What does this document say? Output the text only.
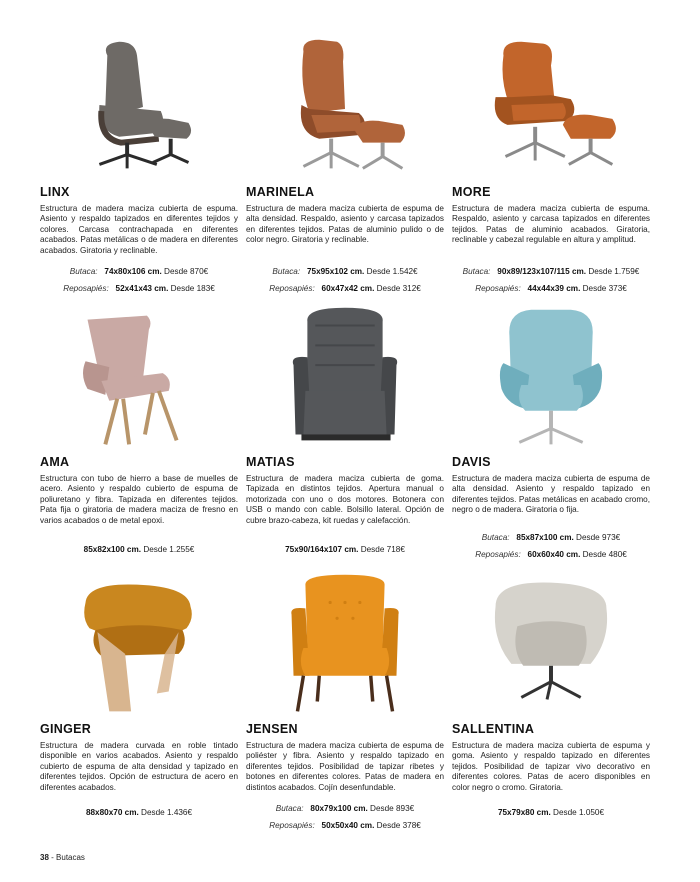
LINX
Estructura de madera maciza cubierta de espuma. Asiento y respaldo tapizados en diferentes tejidos y colores. Carcasa contrachapada en diferentes acabados. Patas metálicas o de madera en diferentes acabados. Giratoria y reclinable.
Butaca: 74x80x106 cm. Desde 870€
Reposapiés: 52x41x43 cm. Desde 183€
MARINELA
Estructura de madera maciza cubierta de espuma de alta densidad. Respaldo, asiento y carcasa tapizados en diferentes tejidos. Patas de aluminio pulido o de color negro. Giratoria y reclinable.
Butaca: 75x95x102 cm. Desde 1.542€
Reposapiés: 60x47x42 cm. Desde 312€
MORE
Estructura de madera maciza cubierta de espuma. Respaldo, asiento y carcasa tapizados en diferentes tejidos. Patas de aluminio acabados. Giratoria, reclinable y cabezal regulable en altura y amplitud.
Butaca: 90x89/123x107/115 cm. Desde 1.759€
Reposapiés: 44x44x39 cm. Desde 373€
AMA
Estructura con tubo de hierro a base de muelles de acero. Asiento y respaldo cubierto de espuma de poliuretano y fibra. Tapizada en diferentes tejidos. Pata fija o giratoria de madera maciza de fresno en varios acabados o de metal epoxi.
85x82x100 cm. Desde 1.255€
MATIAS
Estructura de madera maciza cubierta de goma. Tapizada en distintos tejidos. Apertura manual o motorizada con uno o dos motores. Botonera con USB o mando con cable. Bolsillo lateral. Opción de cubre brazo-cabeza, kit ruedas y calefacción.
75x90/164x107 cm. Desde 718€
DAVIS
Estructura de madera maciza cubierta de espuma de alta densidad. Asiento y respaldo tapizado en diferentes tejidos. Patas metálicas en acabado cromo, negro o de madera. Giratoria o fija.
Butaca: 85x87x100 cm. Desde 973€
Reposapiés: 60x60x40 cm. Desde 480€
GINGER
Estructura de madera curvada en roble tintado disponible en varios acabados. Asiento y respaldo cubierto de espuma de alta densidad y tapizado en diferentes tejidos. Opción de estructura de acero en diferentes acabados.
88x80x70 cm. Desde 1.436€
JENSEN
Estructura de madera maciza cubierta de espuma de poliéster y fibra. Asiento y respaldo tapizado en diferentes tejidos. Posibilidad de tapizar ribetes y botones en diferentes colores. Patas de madera en distintos acabados. Cojín desenfundable.
Butaca: 80x79x100 cm. Desde 893€
Reposapiés: 50x50x40 cm. Desde 378€
SALLENTINA
Estructura de madera maciza cubierta de espuma y goma. Asiento y respaldo tapizado en diferentes tejidos. Posibilidad de tapizar vivo decorativo en diferentes colores. Patas de acero disponibles en color negro o cromo. Giratoria.
75x79x80 cm. Desde 1.050€
38 - Butacas
